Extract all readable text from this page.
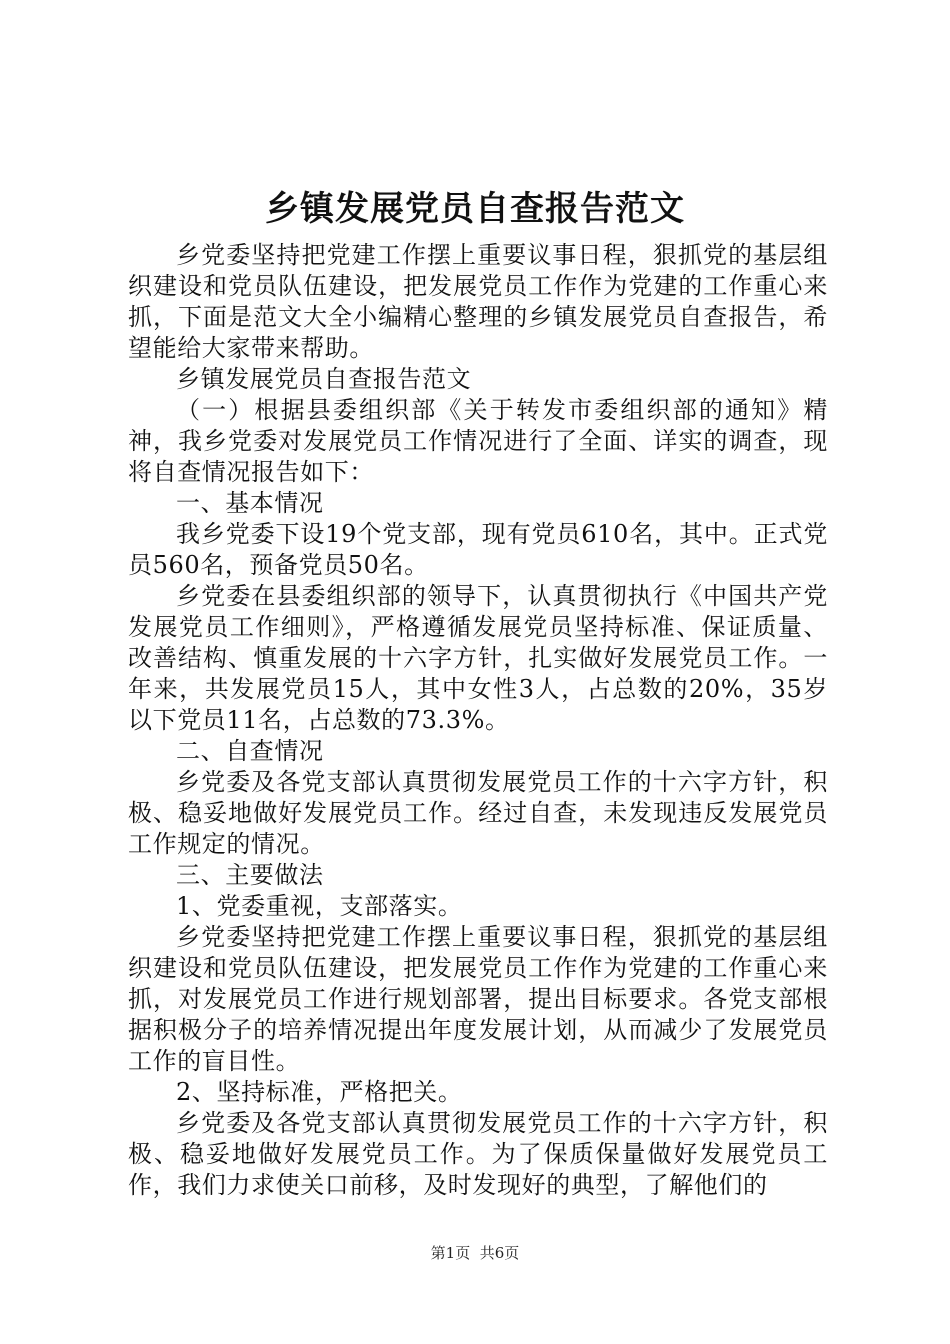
乡镇发展党员自查报告范文

乡党委坚持把党建工作摆上重要议事日程，狠抓党的基层组织建设和党员队伍建设，把发展党员工作作为党建的工作重心来抓，下面是范文大全小编精心整理的乡镇发展党员自查报告，希望能给大家带来帮助。

乡镇发展党员自查报告范文

（一）根据县委组织部《关于转发市委组织部的通知》精神，我乡党委对发展党员工作情况进行了全面、详实的调查，现将自查情况报告如下：

一、基本情况

我乡党委下设19个党支部，现有党员610名，其中。正式党员560名，预备党员50名。

乡党委在县委组织部的领导下，认真贯彻执行《中国共产党发展党员工作细则》，严格遵循发展党员坚持标准、保证质量、改善结构、慎重发展的十六字方针，扎实做好发展党员工作。一年来，共发展党员15人，其中女性3人，占总数的20%，35岁以下党员11名，占总数的73.3%。

二、自查情况

乡党委及各党支部认真贯彻发展党员工作的十六字方针，积极、稳妥地做好发展党员工作。经过自查，未发现违反发展党员工作规定的情况。

三、主要做法

1、党委重视，支部落实。

乡党委坚持把党建工作摆上重要议事日程，狠抓党的基层组织建设和党员队伍建设，把发展党员工作作为党建的工作重心来抓，对发展党员工作进行规划部署，提出目标要求。各党支部根据积极分子的培养情况提出年度发展计划，从而减少了发展党员工作的盲目性。

2、坚持标准，严格把关。

乡党委及各党支部认真贯彻发展党员工作的十六字方针，积极、稳妥地做好发展党员工作。为了保质保量做好发展党员工作，我们力求使关口前移，及时发现好的典型，了解他们的

第1页 共6页
